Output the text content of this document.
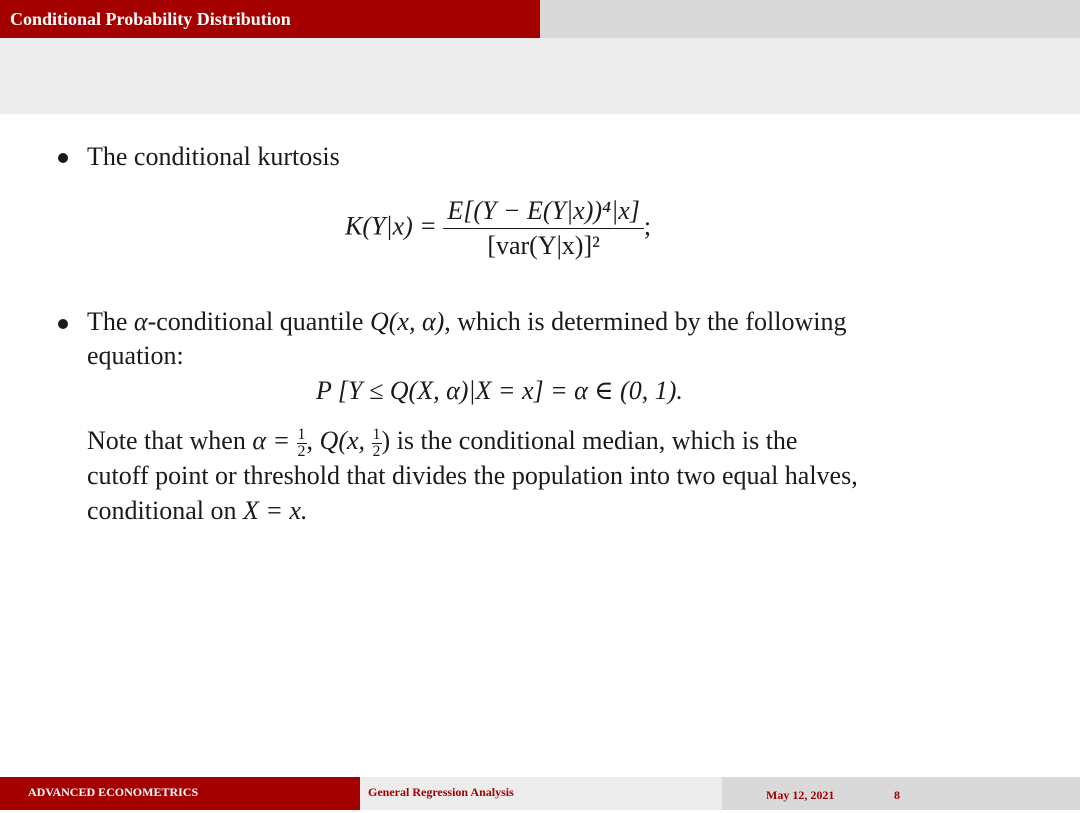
Conditional Probability Distribution
The conditional kurtosis
$K(Y|x) = \frac{\text{E[(Y − E(Y|x))⁴|x]}}{\text{[var(Y|x)]²}}$ ;
The α-conditional quantile Q(x, α), which is determined by the following
equation:
P [Y ≤ Q(X, α)|X = x] = α ∈ (0, 1).
Note that when $\alpha = \frac{1}{2}$ , Q(x, $\frac{1}{2}$ ) is the conditional median, which is the
cutoff point or threshold that divides the population into two equal halves,
conditional on X = x.
ADVANCED ECONOMETRICS	General Regression Analysis	May 12, 2021	8
